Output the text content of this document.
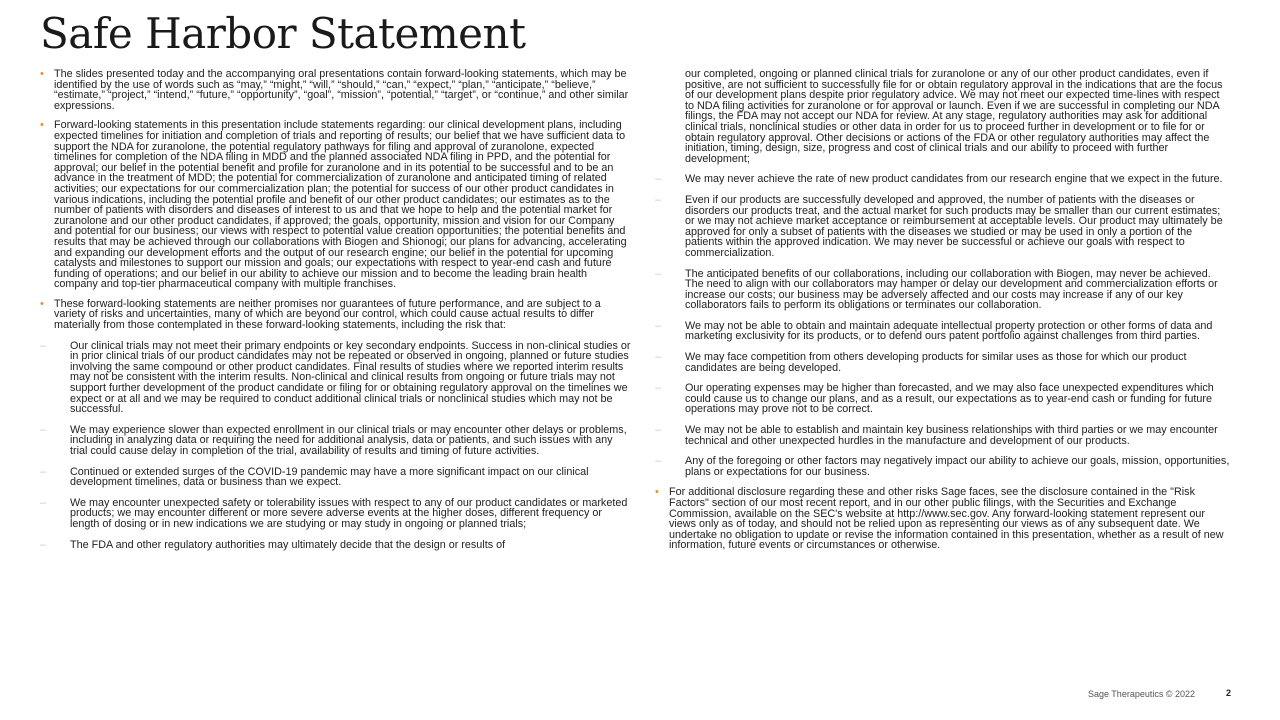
Safe Harbor Statement
• The slides presented today and the accompanying oral presentations contain forward-looking statements, which may be identified by the use of words such as “may,” “might,” “will,” “should,” “can,” “expect,” “plan,” “anticipate,” “believe,” “estimate,” “project,” “intend,” “future,” “opportunity”, “goal”, “mission”, “potential,” “target”, or “continue,” and other similar expressions.
• Forward-looking statements in this presentation include statements regarding: our clinical development plans, including expected timelines for initiation and completion of trials and reporting of results; our belief that we have sufficient data to support the NDA for zuranolone, the potential regulatory pathways for filing and approval of zuranolone, expected timelines for completion of the NDA filing in MDD and the planned associated NDA filing in PPD, and the potential for approval; our belief in the potential benefit and profile for zuranolone and in its potential to be successful and to be an advance in the treatment of MDD; the potential for commercialization of zuranolone and anticipated timing of related activities; our expectations for our commercialization plan; the potential for success of our other product candidates in various indications, including the potential profile and benefit of our other product candidates; our estimates as to the number of patients with disorders and diseases of interest to us and that we hope to help and the potential market for zuranolone and our other product candidates, if approved; the goals, opportunity, mission and vision for our Company and potential for our business; our views with respect to potential value creation opportunities; the potential benefits and results that may be achieved through our collaborations with Biogen and Shionogi; our plans for advancing, accelerating and expanding our development efforts and the output of our research engine; our belief in the potential for upcoming catalysts and milestones to support our mission and goals; our expectations with respect to year-end cash and future funding of operations; and our belief in our ability to achieve our mission and to become the leading brain health company and top-tier pharmaceutical company with multiple franchises.
• These forward-looking statements are neither promises nor guarantees of future performance, and are subject to a variety of risks and uncertainties, many of which are beyond our control, which could cause actual results to differ materially from those contemplated in these forward-looking statements, including the risk that:
– Our clinical trials may not meet their primary endpoints or key secondary endpoints. Success in non-clinical studies or in prior clinical trials of our product candidates may not be repeated or observed in ongoing, planned or future studies involving the same compound or other product candidates. Final results of studies where we reported interim results may not be consistent with the interim results. Non-clinical and clinical results from ongoing or future trials may not support further development of the product candidate or filing for or obtaining regulatory approval on the timelines we expect or at all and we may be required to conduct additional clinical trials or nonclinical studies which may not be successful.
– We may experience slower than expected enrollment in our clinical trials or may encounter other delays or problems, including in analyzing data or requiring the need for additional analysis, data or patients, and such issues with any trial could cause delay in completion of the trial, availability of results and timing of future activities.
– Continued or extended surges of the COVID-19 pandemic may have a more significant impact on our clinical development timelines, data or business than we expect.
– We may encounter unexpected safety or tolerability issues with respect to any of our product candidates or marketed products; we may encounter different or more severe adverse events at the higher doses, different frequency or length of dosing or in new indications we are studying or may study in ongoing or planned trials;
– The FDA and other regulatory authorities may ultimately decide that the design or results of
our completed, ongoing or planned clinical trials for zuranolone or any of our other product candidates, even if positive, are not sufficient to successfully file for or obtain regulatory approval in the indications that are the focus of our development plans despite prior regulatory advice. We may not meet our expected time-lines with respect to NDA filing activities for zuranolone or for approval or launch. Even if we are successful in completing our NDA filings, the FDA may not accept our NDA for review. At any stage, regulatory authorities may ask for additional clinical trials, nonclinical studies or other data in order for us to proceed further in development or to file for or obtain regulatory approval. Other decisions or actions of the FDA or other regulatory authorities may affect the initiation, timing, design, size, progress and cost of clinical trials and our ability to proceed with further development;
– We may never achieve the rate of new product candidates from our research engine that we expect in the future.
– Even if our products are successfully developed and approved, the number of patients with the diseases or disorders our products treat, and the actual market for such products may be smaller than our current estimates; or we may not achieve market acceptance or reimbursement at acceptable levels. Our product may ultimately be approved for only a subset of patients with the diseases we studied or may be used in only a portion of the patients within the approved indication. We may never be successful or achieve our goals with respect to commercialization.
– The anticipated benefits of our collaborations, including our collaboration with Biogen, may never be achieved. The need to align with our collaborators may hamper or delay our development and commercialization efforts or increase our costs; our business may be adversely affected and our costs may increase if any of our key collaborators fails to perform its obligations or terminates our collaboration.
– We may not be able to obtain and maintain adequate intellectual property protection or other forms of data and marketing exclusivity for its products, or to defend ours patent portfolio against challenges from third parties.
– We may face competition from others developing products for similar uses as those for which our product candidates are being developed.
– Our operating expenses may be higher than forecasted, and we may also face unexpected expenditures which could cause us to change our plans, and as a result, our expectations as to year-end cash or funding for future operations may prove not to be correct.
– We may not be able to establish and maintain key business relationships with third parties or we may encounter technical and other unexpected hurdles in the manufacture and development of our products.
– Any of the foregoing or other factors may negatively impact our ability to achieve our goals, mission, opportunities, plans or expectations for our business.
• For additional disclosure regarding these and other risks Sage faces, see the disclosure contained in the "Risk Factors" section of our most recent report, and in our other public filings, with the Securities and Exchange Commission, available on the SEC's website at http://www.sec.gov. Any forward-looking statement represent our views only as of today, and should not be relied upon as representing our views as of any subsequent date. We undertake no obligation to update or revise the information contained in this presentation, whether as a result of new information, future events or circumstances or otherwise.
Sage Therapeutics © 2022	2
